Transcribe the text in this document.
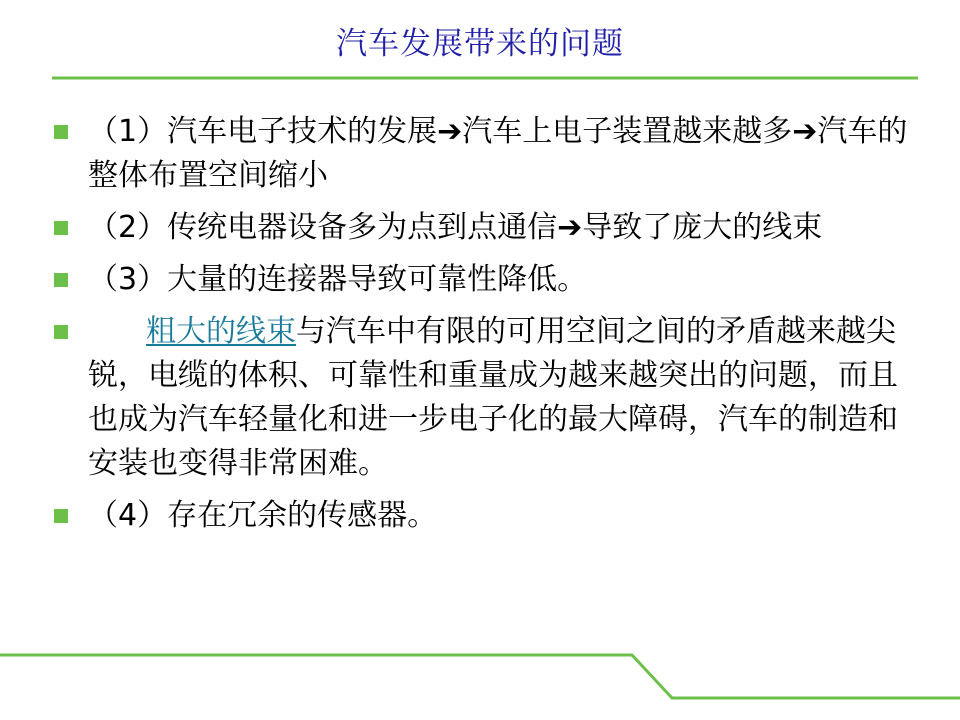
汽车发展带来的问题
（1）汽车电子技术的发展➔汽车上电子装置越来越多➔汽车的整体布置空间缩小
（2）传统电器设备多为点到点通信➔导致了庞大的线束
（3）大量的连接器导致可靠性降低。
粗大的线束与汽车中有限的可用空间之间的矛盾越来越尖锐，电缆的体积、可靠性和重量成为越来越突出的问题，而且也成为汽车轻量化和进一步电子化的最大障碍，汽车的制造和安装也变得非常困难。
（4）存在冗余的传感器。
